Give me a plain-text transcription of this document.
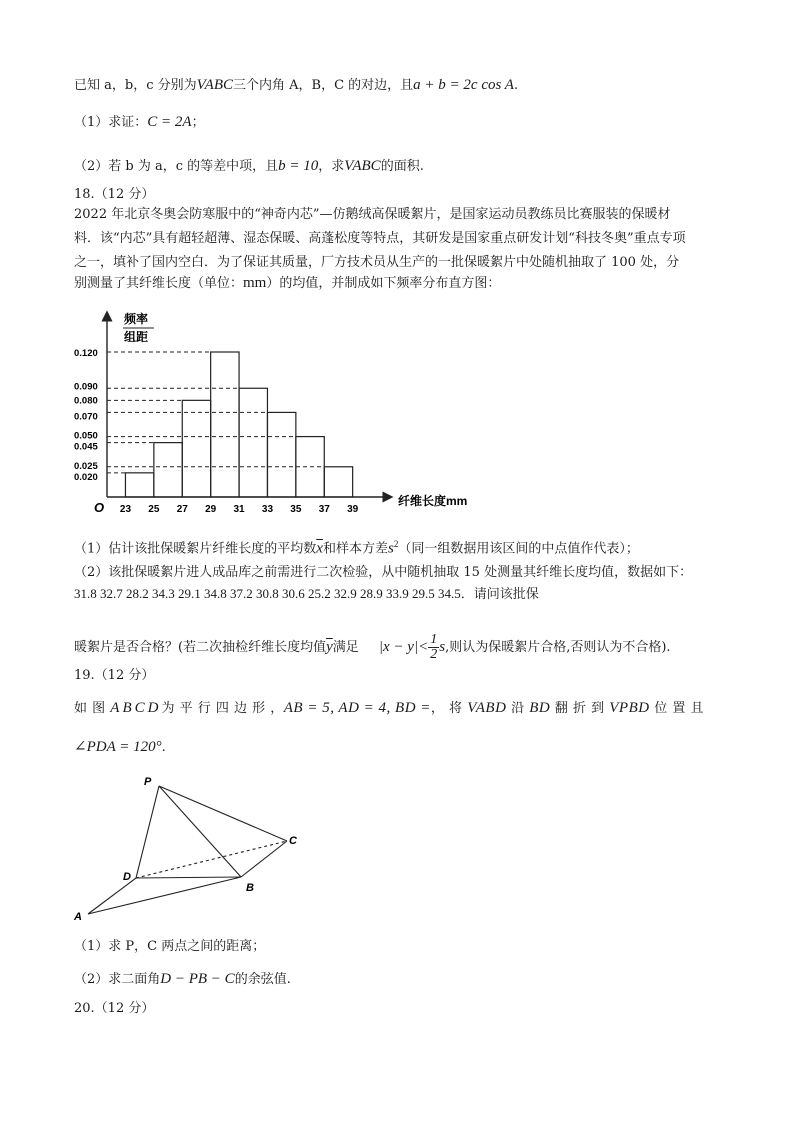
已知 a，b，c 分别为VABC三个内角 A，B，C 的对边，且a + b = 2c cos A.
（1）求证：C = 2A；
（2）若 b 为 a，c 的等差中项，且b = 10，求VABC的面积.
18.（12 分）
2022 年北京冬奥会防寒服中的“神奇内芯”—仿鹅绒高保暖絮片，是国家运动员教练员比赛服装的保暖材
料．该“内芯”具有超轻超薄、湿态保暖、高蓬松度等特点，其研发是国家重点研发计划“科技冬奥”重点专项
之一，填补了国内空白．为了保证其质量，厂方技术员从生产的一批保暖絮片中处随机抽取了 100 处，分
别测量了其纤维长度（单位：mm）的均值，并制成如下频率分布直方图：
频率
组距
O	纤维长度mm
0.020
0.025
0.045
0.050
0.070
0.080
0.090
0.120
23 25 27 29 31 33 35 37 39
（1）估计该批保暖絮片纤维长度的平均数$\overline{x}$和样本方差$s^2$（同一组数据用该区间的中点值作代表）；
（2）该批保暖絮片进人成品库之前需进行二次检验，从中随机抽取 15 处测量其纤维长度均值，数据如下：
31.8 32.7 28.2 34.3 29.1 34.8 37.2 30.8 30.6 25.2 32.9 28.9 33.9 29.5 34.5．请问该批保
暖絮片是否合格？(若二次抽检纤维长度均值$\overline{y}$满足 $|x - y|< \frac{1}{2} s$,则认为保暖絮片合格,否则认为不合格).
19.（12 分）
如 图 ABCD为 平 行 四 边 形 ，AB = 5, AD = 4, BD =， 将 VABD 沿 BD 翻 折 到 VPBD 位 置 且
∠PDA = 120°.
P
C
D
B
A
（1）求 P，C 两点之间的距离；
（2）求二面角D − PB − C的余弦值.
20.（12 分）
